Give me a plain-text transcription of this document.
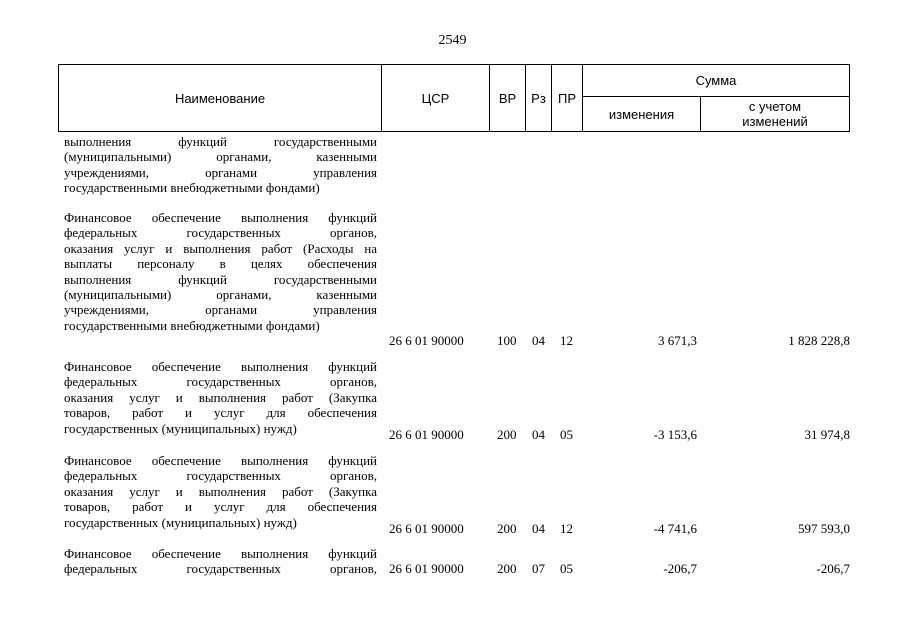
2549
Наименование	ЦСР	ВР	Рз	ПР	Сумма	
					изменения	с учетом
изменений
выполнения функций государственными
(муниципальными) органами, казенными
учреждениями, органами управления
государственными внебюджетными фондами)
Финансовое обеспечение выполнения функций
федеральных государственных органов,
оказания услуг и выполнения работ (Расходы на
выплаты персоналу в целях обеспечения
выполнения функций государственными
(муниципальными) органами, казенными
учреждениями, органами управления
государственными внебюджетными фондами)
26 6 01 90000	100 04 12	3 671,3	1 828 228,8
Финансовое обеспечение выполнения функций
федеральных государственных органов,
оказания услуг и выполнения работ (Закупка
товаров, работ и услуг для обеспечения
государственных (муниципальных) нужд)	26 6 01 90000	200 04 05	-3 153,6	31 974,8
Финансовое обеспечение выполнения функций
федеральных государственных органов,
оказания услуг и выполнения работ (Закупка
товаров, работ и услуг для обеспечения
государственных (муниципальных) нужд)	26 6 01 90000	200 04 12	-4 741,6	597 593,0
Финансовое обеспечение выполнения функций
федеральных государственных органов, 26 6 01 90000	200 07 05	-206,7	-206,7
